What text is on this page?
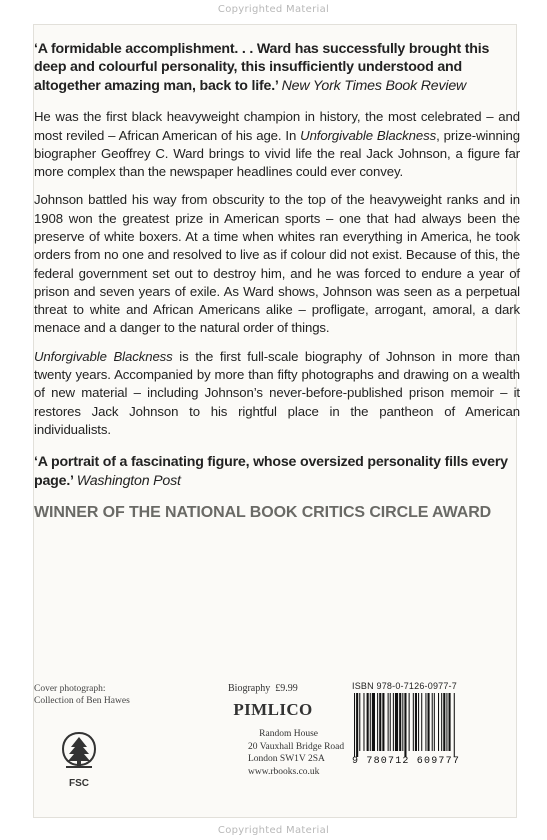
Copyrighted Material

‘A formidable accomplishment. . . Ward has successfully brought this deep and colourful personality, this insufficiently understood and altogether amazing man, back to life.’ New York Times Book Review

He was the first black heavyweight champion in history, the most celebrated – and most reviled – African American of his age. In Unforgivable Blackness, prize-winning biographer Geoffrey C. Ward brings to vivid life the real Jack Johnson, a figure far more complex than the newspaper headlines could ever convey.

Johnson battled his way from obscurity to the top of the heavyweight ranks and in 1908 won the greatest prize in American sports – one that had always been the preserve of white boxers. At a time when whites ran everything in America, he took orders from no one and resolved to live as if colour did not exist. Because of this, the federal government set out to destroy him, and he was forced to endure a year of prison and seven years of exile. As Ward shows, Johnson was seen as a perpetual threat to white and African Americans alike – profligate, arrogant, amoral, a dark menace and a danger to the natural order of things.

Unforgivable Blackness is the first full-scale biography of Johnson in more than twenty years. Accompanied by more than fifty photographs and drawing on a wealth of new material – including Johnson’s never-before-published prison memoir – it restores Jack Johnson to his rightful place in the pantheon of American individualists.

‘A portrait of a fascinating figure, whose oversized personality fills every page.’ Washington Post

WINNER OF THE NATIONAL BOOK CRITICS CIRCLE AWARD
Cover photograph:
Collection of Ben Hawes
FSC
Biography £9.99
PIMLICO
Random House
20 Vauxhall Bridge Road
London SW1V 2SA
www.rbooks.co.uk
ISBN 978-0-7126-0977-7
9 780712 609777
Copyrighted Material
